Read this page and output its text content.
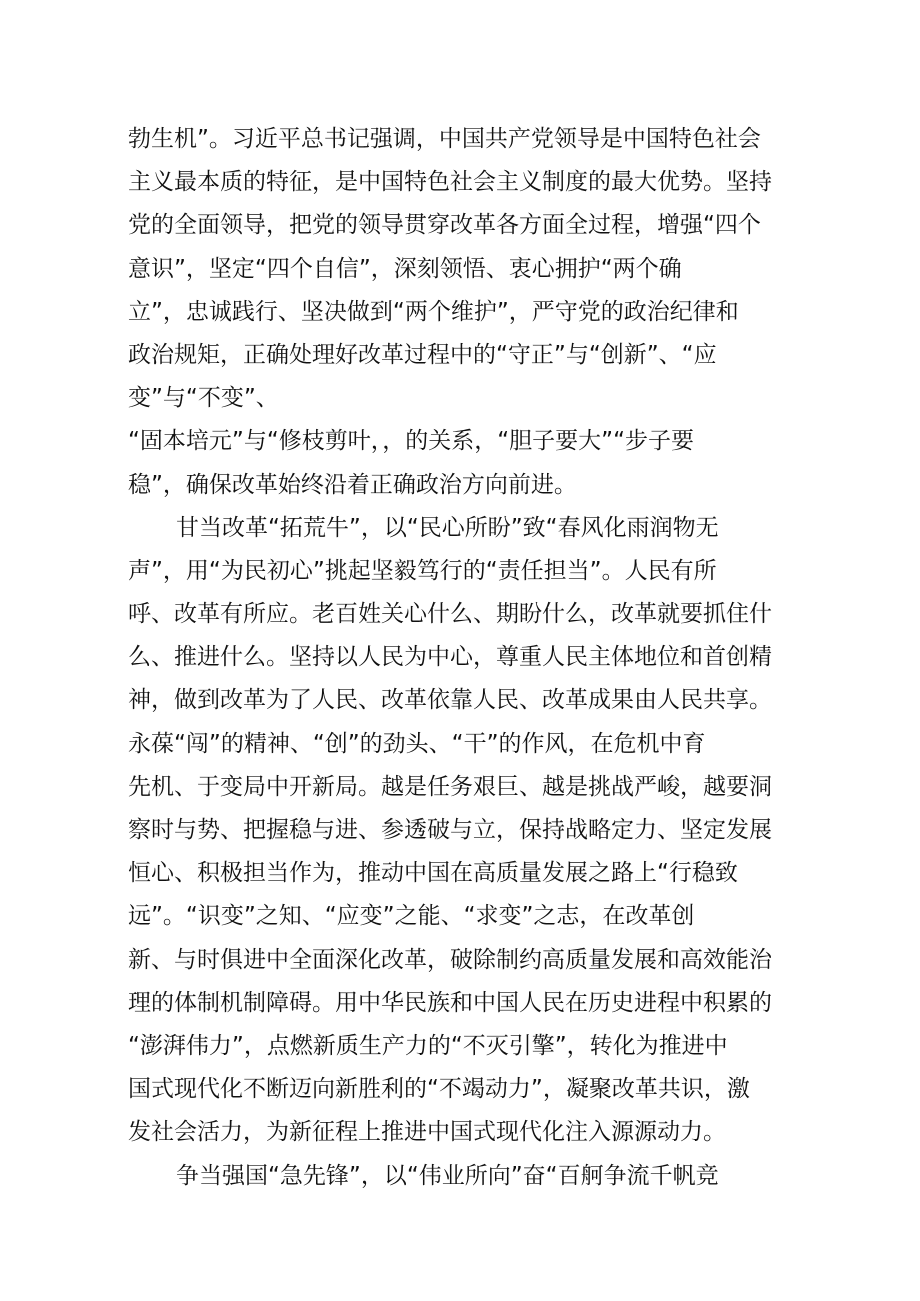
勃生机”。习近平总书记强调，中国共产党领导是中国特色社会
主义最本质的特征，是中国特色社会主义制度的最大优势。坚持
党的全面领导，把党的领导贯穿改革各方面全过程，增强“四个
意识”，坚定“四个自信”，深刻领悟、衷心拥护“两个确
立”，忠诚践行、坚决做到“两个维护”，严守党的政治纪律和
政治规矩，正确处理好改革过程中的“守正”与“创新”、“应
变”与“不变”、
“固本培元”与“修枝剪叶，，的关系，“胆子要大”“步子要
稳”，确保改革始终沿着正确政治方向前进。
甘当改革“拓荒牛”，以“民心所盼”致“春风化雨润物无
声”，用“为民初心”挑起坚毅笃行的“责任担当”。人民有所
呼、改革有所应。老百姓关心什么、期盼什么，改革就要抓住什
么、推进什么。坚持以人民为中心，尊重人民主体地位和首创精
神，做到改革为了人民、改革依靠人民、改革成果由人民共享。
永葆“闯”的精神、“创”的劲头、“干”的作风，在危机中育
先机、于变局中开新局。越是任务艰巨、越是挑战严峻，越要洞
察时与势、把握稳与进、参透破与立，保持战略定力、坚定发展
恒心、积极担当作为，推动中国在高质量发展之路上“行稳致
远”。“识变”之知、“应变”之能、“求变”之志，在改革创
新、与时俱进中全面深化改革，破除制约高质量发展和高效能治
理的体制机制障碍。用中华民族和中国人民在历史进程中积累的
“澎湃伟力”，点燃新质生产力的“不灭引擎”，转化为推进中
国式现代化不断迈向新胜利的“不竭动力”，凝聚改革共识，激
发社会活力，为新征程上推进中国式现代化注入源源动力。
争当强国“急先锋”，以“伟业所向”奋“百舸争流千帆竞
